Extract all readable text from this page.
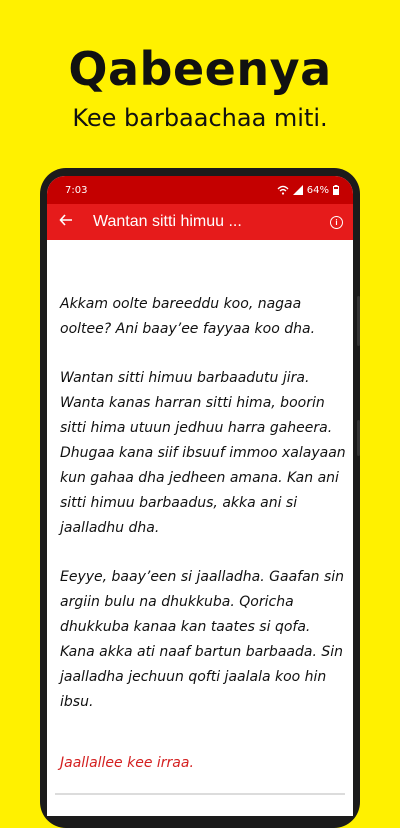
Qabeenya
Kee barbaachaa miti.
7:03	64%
Wantan sitti himuu ...	i

Akkam oolte bareeddu koo, nagaa ooltee? Ani baay’ee fayyaa koo dha.

Wantan sitti himuu barbaadutu jira. Wanta kanas harran sitti hima, boorin sitti hima utuun jedhuu harra gaheera. Dhugaa kana siif ibsuuf immoo xalayaan kun gahaa dha jedheen amana. Kan ani sitti himuu barbaadus, akka ani si jaalladhu dha.

Eeyye, baay’een si jaalladha. Gaafan sin argiin bulu na dhukkuba. Qoricha dhukkuba kanaa kan taates si qofa. Kana akka ati naaf bartun barbaada. Sin jaalladha jechuun qofti jaalala koo hin ibsu.

Jaallallee kee irraa.
